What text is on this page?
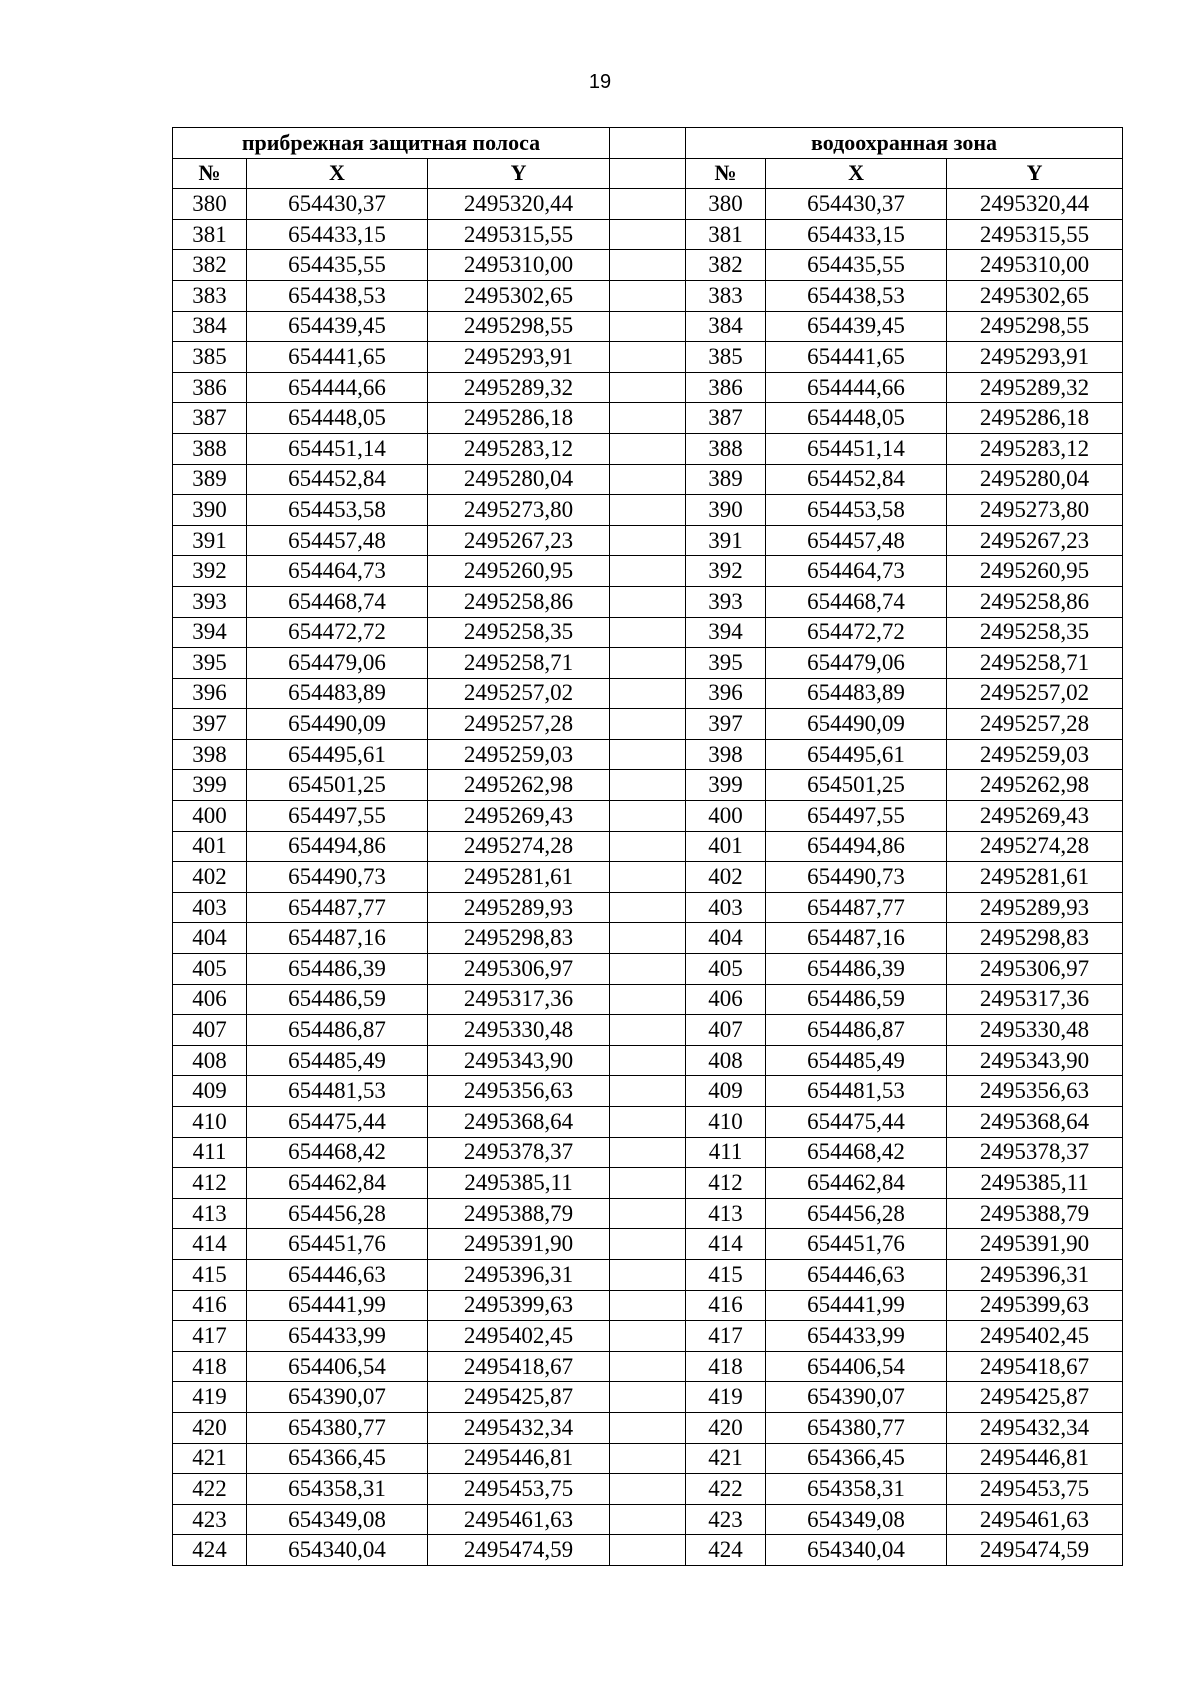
19
прибрежная защитная полоса				водоохранная зона		
№	X	Y		№	X	Y
380	654430,37	2495320,44		380	654430,37	2495320,44
381	654433,15	2495315,55		381	654433,15	2495315,55
382	654435,55	2495310,00		382	654435,55	2495310,00
383	654438,53	2495302,65		383	654438,53	2495302,65
384	654439,45	2495298,55		384	654439,45	2495298,55
385	654441,65	2495293,91		385	654441,65	2495293,91
386	654444,66	2495289,32		386	654444,66	2495289,32
387	654448,05	2495286,18		387	654448,05	2495286,18
388	654451,14	2495283,12		388	654451,14	2495283,12
389	654452,84	2495280,04		389	654452,84	2495280,04
390	654453,58	2495273,80		390	654453,58	2495273,80
391	654457,48	2495267,23		391	654457,48	2495267,23
392	654464,73	2495260,95		392	654464,73	2495260,95
393	654468,74	2495258,86		393	654468,74	2495258,86
394	654472,72	2495258,35		394	654472,72	2495258,35
395	654479,06	2495258,71		395	654479,06	2495258,71
396	654483,89	2495257,02		396	654483,89	2495257,02
397	654490,09	2495257,28		397	654490,09	2495257,28
398	654495,61	2495259,03		398	654495,61	2495259,03
399	654501,25	2495262,98		399	654501,25	2495262,98
400	654497,55	2495269,43		400	654497,55	2495269,43
401	654494,86	2495274,28		401	654494,86	2495274,28
402	654490,73	2495281,61		402	654490,73	2495281,61
403	654487,77	2495289,93		403	654487,77	2495289,93
404	654487,16	2495298,83		404	654487,16	2495298,83
405	654486,39	2495306,97		405	654486,39	2495306,97
406	654486,59	2495317,36		406	654486,59	2495317,36
407	654486,87	2495330,48		407	654486,87	2495330,48
408	654485,49	2495343,90		408	654485,49	2495343,90
409	654481,53	2495356,63		409	654481,53	2495356,63
410	654475,44	2495368,64		410	654475,44	2495368,64
411	654468,42	2495378,37		411	654468,42	2495378,37
412	654462,84	2495385,11		412	654462,84	2495385,11
413	654456,28	2495388,79		413	654456,28	2495388,79
414	654451,76	2495391,90		414	654451,76	2495391,90
415	654446,63	2495396,31		415	654446,63	2495396,31
416	654441,99	2495399,63		416	654441,99	2495399,63
417	654433,99	2495402,45		417	654433,99	2495402,45
418	654406,54	2495418,67		418	654406,54	2495418,67
419	654390,07	2495425,87		419	654390,07	2495425,87
420	654380,77	2495432,34		420	654380,77	2495432,34
421	654366,45	2495446,81		421	654366,45	2495446,81
422	654358,31	2495453,75		422	654358,31	2495453,75
423	654349,08	2495461,63		423	654349,08	2495461,63
424	654340,04	2495474,59		424	654340,04	2495474,59
